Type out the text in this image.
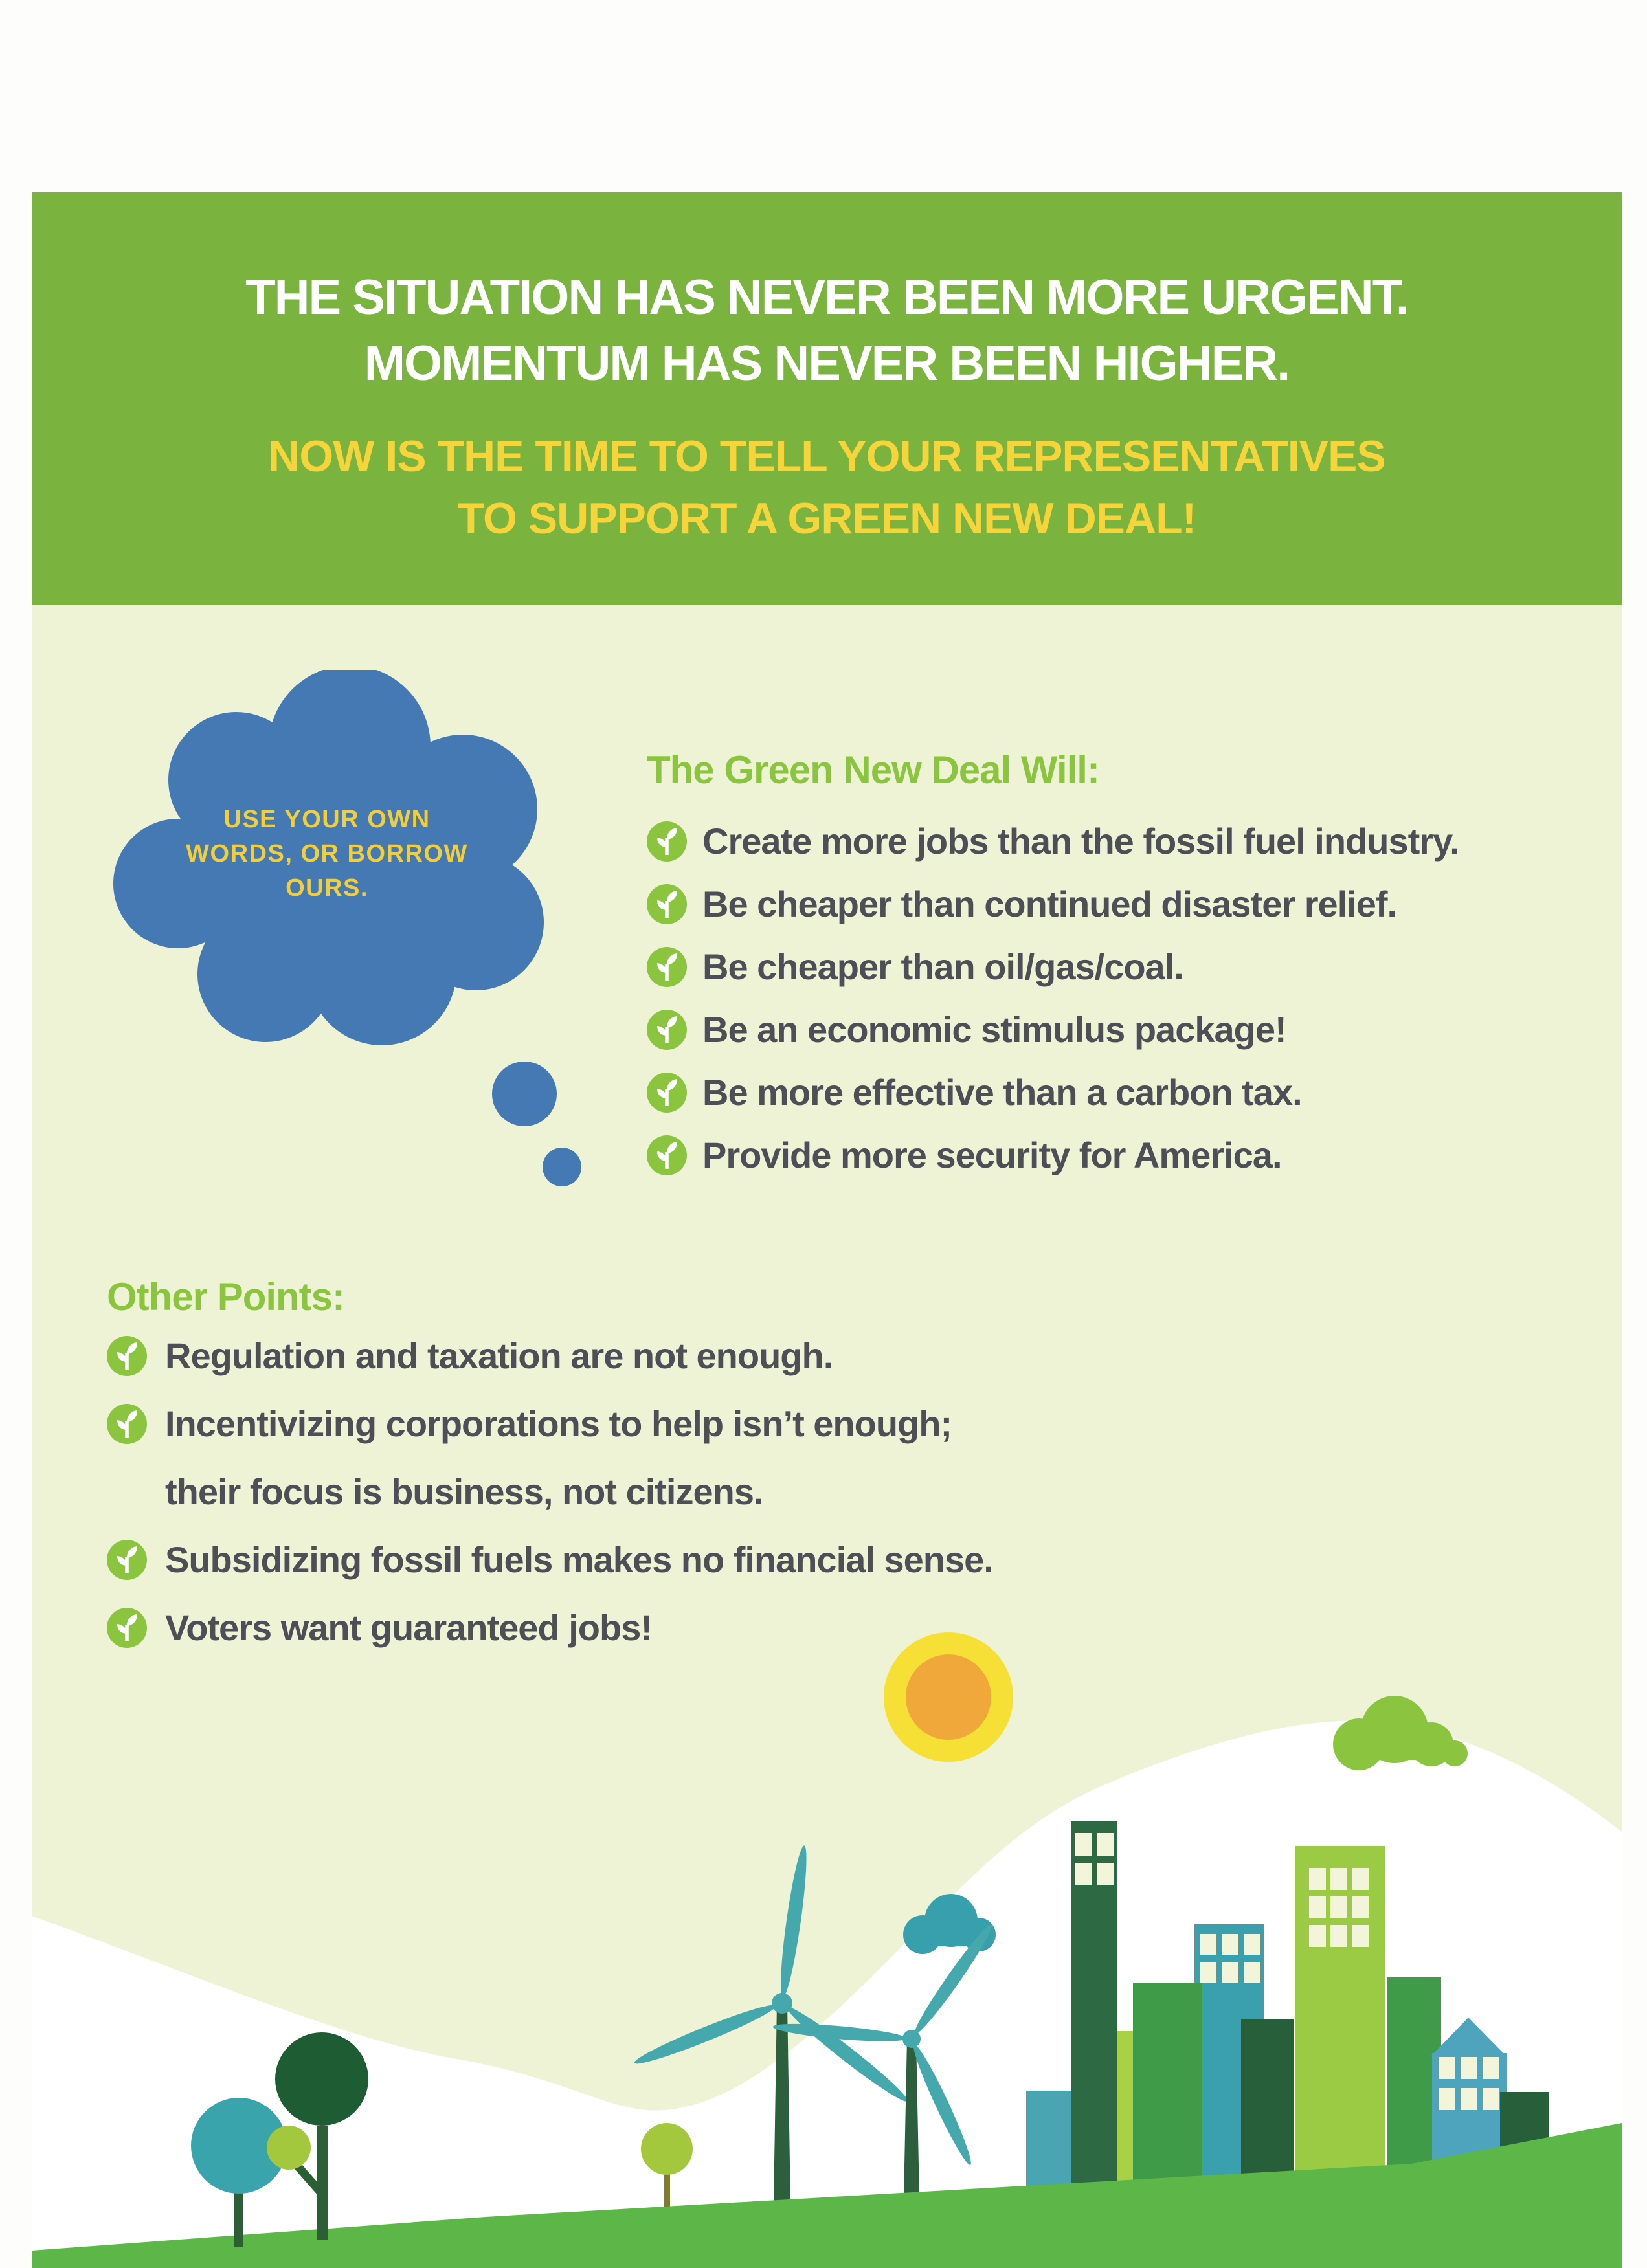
THE SITUATION HAS NEVER BEEN MORE URGENT.
MOMENTUM HAS NEVER BEEN HIGHER.
NOW IS THE TIME TO TELL YOUR REPRESENTATIVES
TO SUPPORT A GREEN NEW DEAL!
USE YOUR OWN
WORDS, OR BORROW
OURS.
The Green New Deal Will:
Create more jobs than the fossil fuel industry.
Be cheaper than continued disaster relief.
Be cheaper than oil/gas/coal.
Be an economic stimulus package!
Be more effective than a carbon tax.
Provide more security for America.
Other Points:
Regulation and taxation are not enough.
Incentivizing corporations to help isn’t enough;
their focus is business, not citizens.
Subsidizing fossil fuels makes no financial sense.
Voters want guaranteed jobs!
